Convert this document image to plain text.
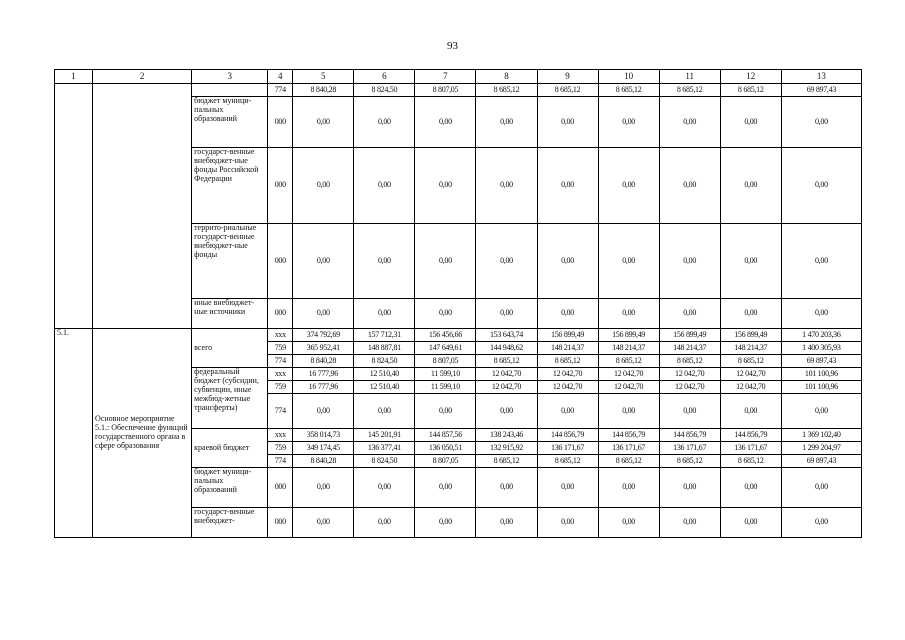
93
1	2	3	4	5	6	7	8	9	10	11	12	13
			774	8 840,28	8 824,50	8 807,05	8 685,12	8 685,12	8 685,12	8 685,12	8 685,12	69 897,43
		бюджет муници-пальных образований	000	0,00	0,00	0,00	0,00	0,00	0,00	0,00	0,00	0,00
		государст-венные внебюджет-ные фонды Российской Федерации	000	0,00	0,00	0,00	0,00	0,00	0,00	0,00	0,00	0,00
		террито-риальные государст-венные внебюджет-ные фонды	000	0,00	0,00	0,00	0,00	0,00	0,00	0,00	0,00	0,00
		иные внебюджет-ные источники	000	0,00	0,00	0,00	0,00	0,00	0,00	0,00	0,00	0,00
5.1.	Основное мероприятие 5.1.: Обеспечение функций государственного органа в сфере образования	всего	ххх	374 792,69	157 712,31	156 456,66	153 643,74	156 899,49	156 899,49	156 899,49	156 899,49	1 470 203,36
			759	365 952,41	148 887,81	147 649,61	144 948,62	148 214,37	148 214,37	148 214,37	148 214,37	1 400 305,93
			774	8 840,28	8 824,50	8 807,05	8 685,12	8 685,12	8 685,12	8 685,12	8 685,12	69 897,43
		федеральный бюджет (субсидии, субвенции, иные межбюд-жетные трансферты)	ххх	16 777,96	12 510,40	11 599,10	12 042,70	12 042,70	12 042,70	12 042,70	12 042,70	101 100,96
			759	16 777,96	12 510,40	11 599,10	12 042,70	12 042,70	12 042,70	12 042,70	12 042,70	101 100,96
			774	0,00	0,00	0,00	0,00	0,00	0,00	0,00	0,00	0,00
		краевой бюджет	ххх	358 014,73	145 201,91	144 857,56	138 243,46	144 856,79	144 856,79	144 856,79	144 856,79	1 369 102,40
			759	349 174,45	136 377,41	136 050,51	132 915,92	136 171,67	136 171,67	136 171,67	136 171,67	1 299 204,97
			774	8 840,28	8 824,50	8 807,05	8 685,12	8 685,12	8 685,12	8 685,12	8 685,12	69 897,43
		бюджет муници-пальных образований	000	0,00	0,00	0,00	0,00	0,00	0,00	0,00	0,00	0,00
		государст-венные внебюджет-	000	0,00	0,00	0,00	0,00	0,00	0,00	0,00	0,00	0,00
